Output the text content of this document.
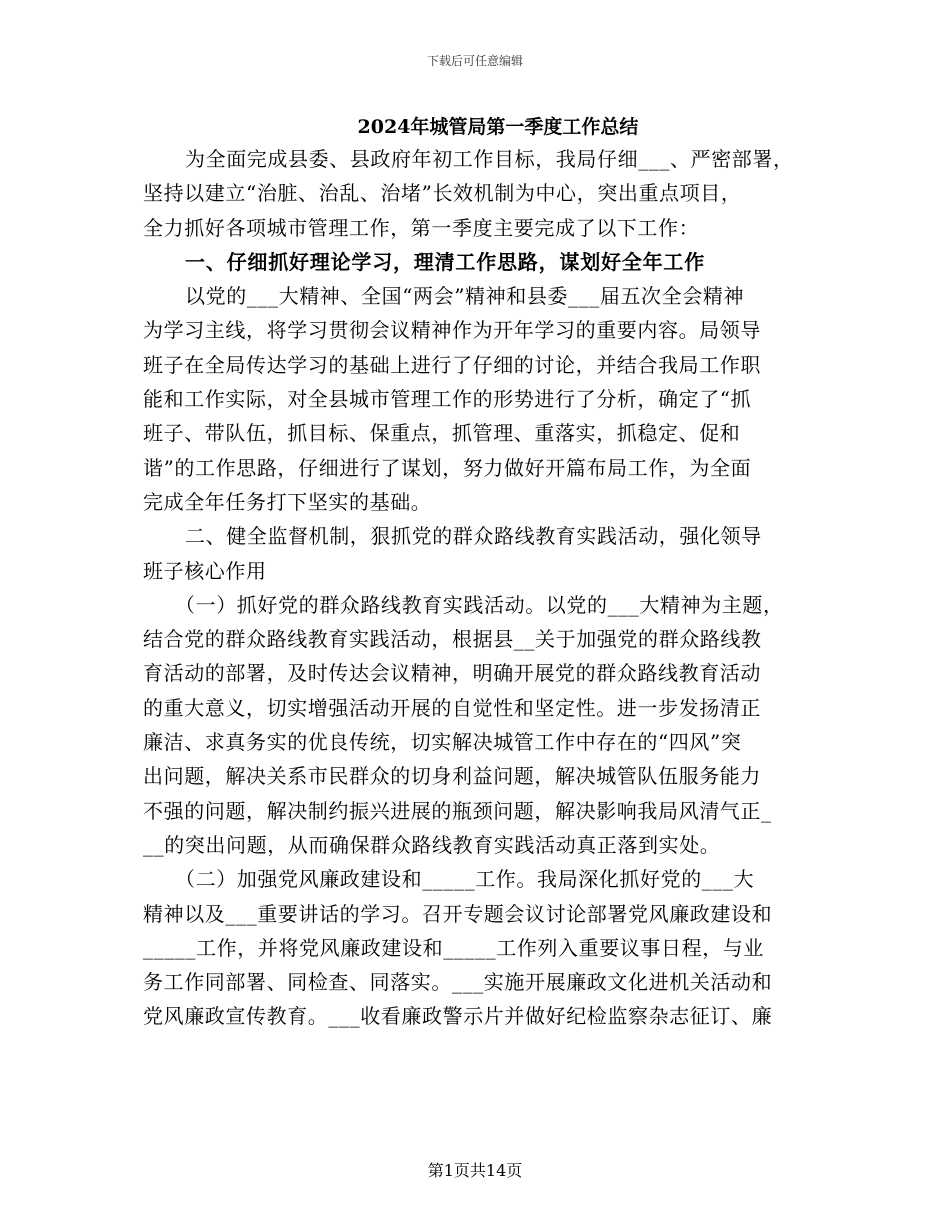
下载后可任意编辑
2024年城管局第一季度工作总结
为全面完成县委、县政府年初工作目标，我局仔细___、严密部署，
坚持以建立“治脏、治乱、治堵”长效机制为中心，突出重点项目，
全力抓好各项城市管理工作，第一季度主要完成了以下工作：
一、仔细抓好理论学习，理清工作思路，谋划好全年工作
以党的___大精神、全国“两会”精神和县委___届五次全会精神
为学习主线，将学习贯彻会议精神作为开年学习的重要内容。局领导
班子在全局传达学习的基础上进行了仔细的讨论，并结合我局工作职
能和工作实际，对全县城市管理工作的形势进行了分析，确定了“抓
班子、带队伍，抓目标、保重点，抓管理、重落实，抓稳定、促和
谐”的工作思路，仔细进行了谋划，努力做好开篇布局工作，为全面
完成全年任务打下坚实的基础。
二、健全监督机制，狠抓党的群众路线教育实践活动，强化领导
班子核心作用
（一）抓好党的群众路线教育实践活动。以党的___大精神为主题，
结合党的群众路线教育实践活动，根据县__关于加强党的群众路线教
育活动的部署，及时传达会议精神，明确开展党的群众路线教育活动
的重大意义，切实增强活动开展的自觉性和坚定性。进一步发扬清正
廉洁、求真务实的优良传统，切实解决城管工作中存在的“四风”突
出问题，解决关系市民群众的切身利益问题，解决城管队伍服务能力
不强的问题，解决制约振兴进展的瓶颈问题，解决影响我局风清气正_
__的突出问题，从而确保群众路线教育实践活动真正落到实处。
（二）加强党风廉政建设和_____工作。我局深化抓好党的___大
精神以及___重要讲话的学习。召开专题会议讨论部署党风廉政建设和
_____工作，并将党风廉政建设和_____工作列入重要议事日程，与业
务工作同部署、同检查、同落实。___实施开展廉政文化进机关活动和
党风廉政宣传教育。___收看廉政警示片并做好纪检监察杂志征订、廉
第1页共14页
